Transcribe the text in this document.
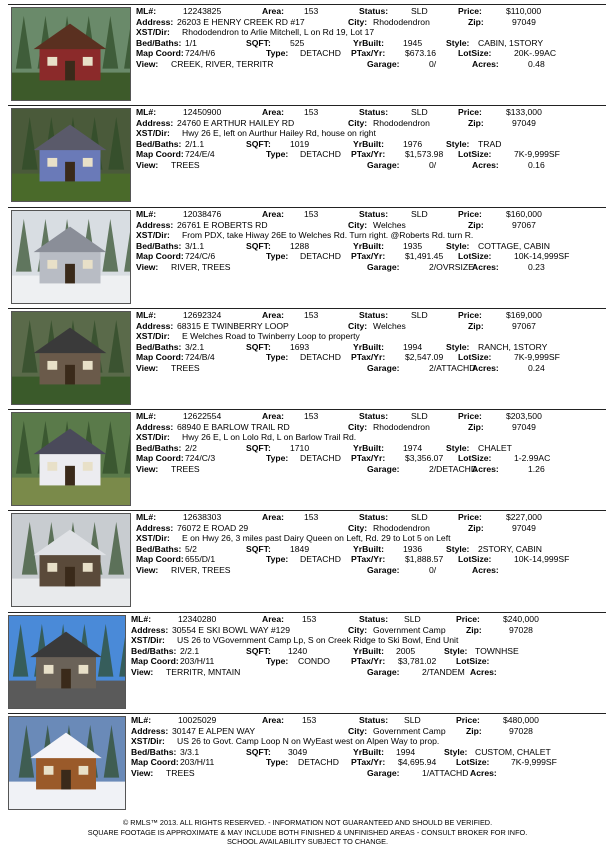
ML#:	12243825	Area: 153	Status:	SLD	Price:	$110,000
Address: 26203 E HENRY CREEK RD #17	City: Rhododendron	Zip:	97049
XST/Dir: Rhododendron to Arlie Mitchell, L on Rd 19, Lot 17
Bed/Baths: 1/1	SQFT: 525	YrBuilt: 1945	Style: CABIN, 1STORY
Map Coord: 724/H/6	Type: DETACHD PTax/Yr: $673.16	LotSize:	20K-.99AC
View: CREEK, RIVER, TERRITR	Garage:	0/	Acres:	0.48
ML#:	12450900	Area: 153	Status:	SLD	Price:	$133,000
Address: 24760 E ARTHUR HAILEY RD	City: Rhododendron	Zip:	97049
XST/Dir: Hwy 26 E, left on Aurthur Hailey Rd, house on right
Bed/Baths: 2/1.1	SQFT: 1019	YrBuilt: 1976	Style: TRAD
Map Coord: 724/E/4	Type: DETACHD PTax/Yr: $1,573.98 LotSize:	7K-9,999SF
View: TREES	Garage:	0/	Acres:	0.16
ML#:	12038476	Area: 153	Status:	SLD	Price:	$160,000
Address: 26761 E ROBERTS RD	City: Welches	Zip:	97067
XST/Dir: From PDX, take Hiway 26E to Welches Rd. Turn right. @Roberts Rd. turn R.
Bed/Baths: 3/1.1	SQFT: 1288	YrBuilt: 1935	Style: COTTAGE, CABIN
Map Coord: 724/C/6	Type: DETACHD PTax/Yr: $1,491.45 LotSize:	10K-14,999SF
View: RIVER, TREES	Garage:	2/OVRSIZE
Acres:	0.23
ML#:	12692324	Area: 153	Status:	SLD	Price:	$169,000
Address: 68315 E TWINBERRY LOOP	City: Welches	Zip:	97067
XST/Dir: E Welches Road to Twinberry Loop to property
Bed/Baths: 3/2.1	SQFT: 1693	YrBuilt: 1994	Style: RANCH, 1STORY
Map Coord: 724/B/4	Type: DETACHD PTax/Yr: $2,547.09 LotSize:	7K-9,999SF
View: TREES	Garage:	2/ATTACHD
Acres:	0.24
ML#:	12622554	Area: 153	Status:	SLD	Price:	$203,500
Address: 68940 E BARLOW TRAIL RD	City: Rhododendron	Zip:	97049
XST/Dir: Hwy 26 E, L on Lolo Rd, L on Barlow Trail Rd.
Bed/Baths: 2/2	SQFT: 1710	YrBuilt: 1974	Style: CHALET
Map Coord: 724/C/3	Type: DETACHD PTax/Yr: $3,356.07 LotSize:	1-2.99AC
View: TREES	Garage:	2/DETACHD
Acres:	1.26
ML#:	12638303	Area: 153	Status:	SLD	Price:	$227,000
Address: 76072 E ROAD 29	City: Rhododendron	Zip:	97049
XST/Dir: E on Hwy 26, 3 miles past Dairy Queen on Left, Rd. 29 to Lot 5 on Left
Bed/Baths: 5/2	SQFT: 1849	YrBuilt: 1936	Style: 2STORY, CABIN
Map Coord: 655/D/1	Type: DETACHD PTax/Yr: $1,888.57 LotSize:	10K-14,999SF
View: RIVER, TREES	Garage:	0/	Acres:
ML#:	12340280	Area: 153	Status: SLD	Price:	$240,000
Address: 30554 E SKI BOWL WAY #129	City: Government Camp Zip:	97028
XST/Dir: US 26 to VGovernment Camp Lp, S on Creek Ridge to Ski Bowl, End Unit
Bed/Baths: 2/2.1	SQFT: 1240	YrBuilt: 2005	Style: TOWNHSE
Map Coord: 203/H/11	Type: CONDO PTax/Yr: $3,781.02 LotSize:
View: TERRITR, MNTAIN	Garage:	2/TANDEM Acres:
ML#:	10025029	Area: 153	Status: SLD	Price:	$480,000
Address: 30147 E ALPEN WAY	City: Government Camp Zip:	97028
XST/Dir: US 26 to Govt. Camp Loop N on WyEast west on Alpen Way to prop.
Bed/Baths: 3/3.1	SQFT: 3049	YrBuilt: 1994	Style: CUSTOM, CHALET
Map Coord: 203/H/11	Type: DETACHD PTax/Yr: $4,695.94 LotSize:	7K-9,999SF
View: TREES	Garage:	1/ATTACHD Acres:
© RMLS™ 2013. ALL RIGHTS RESERVED. - INFORMATION NOT GUARANTEED AND SHOULD BE VERIFIED.
SQUARE FOOTAGE IS APPROXIMATE & MAY INCLUDE BOTH FINISHED & UNFINISHED AREAS - CONSULT BROKER FOR INFO.
SCHOOL AVAILABILITY SUBJECT TO CHANGE.
